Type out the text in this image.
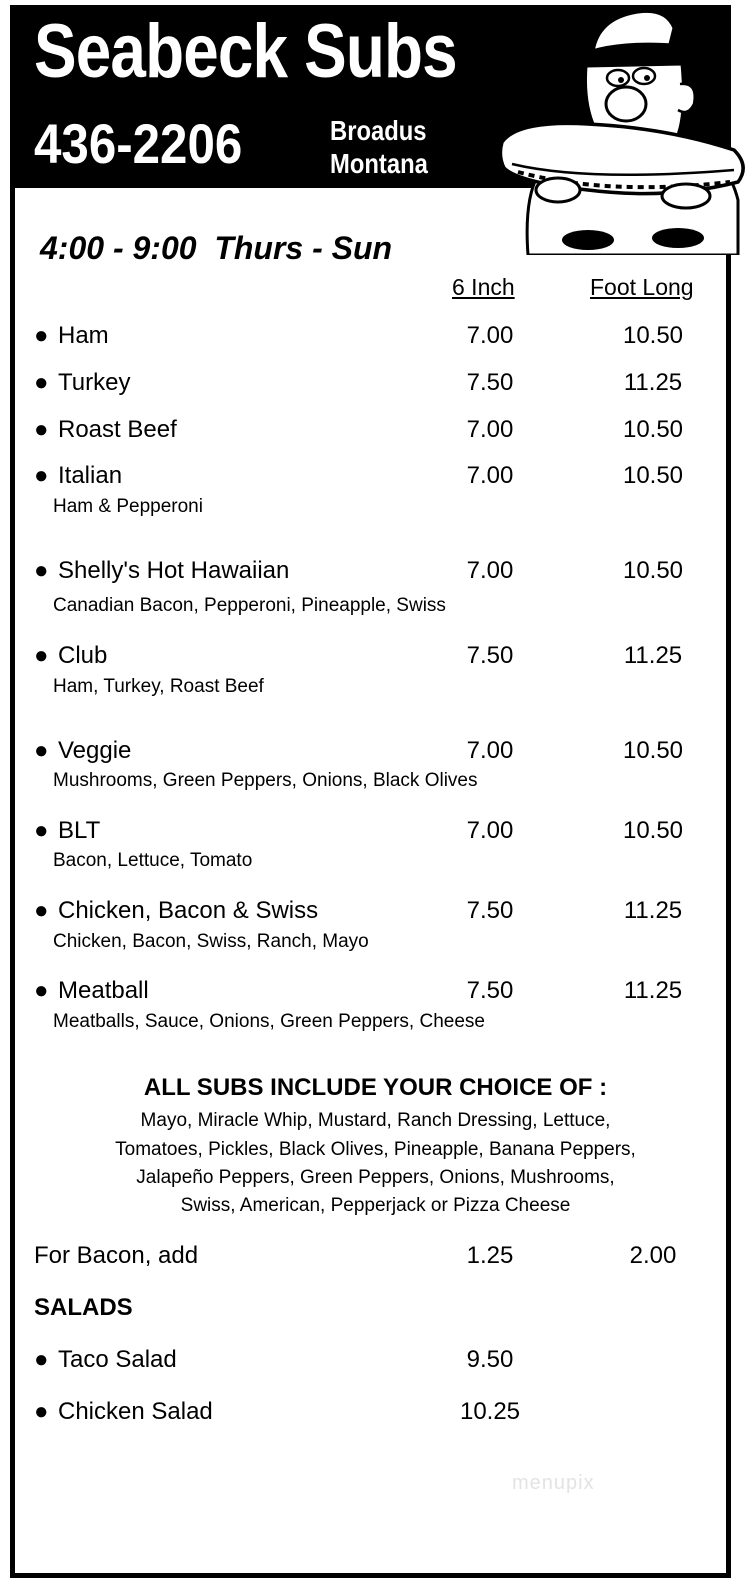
Seabeck Subs
436-2206	Broadus
Montana
4:00 - 9:00  Thurs - Sun
6 Inch	Foot Long
● Ham	7.00	10.50
● Turkey	7.50	11.25
● Roast Beef	7.00	10.50
● Italian	7.00	10.50
Ham & Pepperoni
● Shelly's Hot Hawaiian	7.00	10.50
Canadian Bacon, Pepperoni, Pineapple, Swiss
● Club	7.50	11.25
Ham, Turkey, Roast Beef
● Veggie	7.00	10.50
Mushrooms, Green Peppers, Onions, Black Olives
● BLT	7.00	10.50
Bacon, Lettuce, Tomato
● Chicken, Bacon & Swiss	7.50	11.25
Chicken, Bacon, Swiss, Ranch, Mayo
● Meatball	7.50	11.25
Meatballs, Sauce, Onions, Green Peppers, Cheese
ALL SUBS INCLUDE YOUR CHOICE OF :
Mayo, Miracle Whip, Mustard, Ranch Dressing, Lettuce,
Tomatoes, Pickles, Black Olives, Pineapple, Banana Peppers,
Jalapeño Peppers, Green Peppers, Onions, Mushrooms,
Swiss, American, Pepperjack or Pizza Cheese
For Bacon, add	1.25	2.00
SALADS
● Taco Salad	9.50
● Chicken Salad	10.25
menupix
